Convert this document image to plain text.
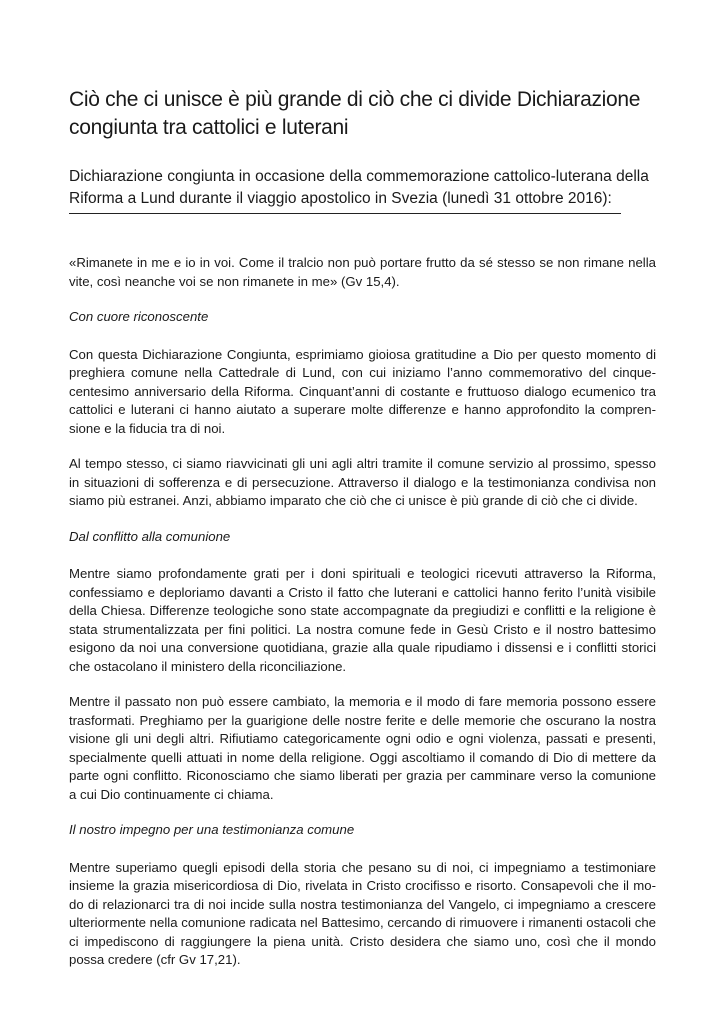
Ciò che ci unisce è più grande di ciò che ci divide Dichiarazione congiunta tra cattolici e luterani
Dichiarazione congiunta in occasione della commemorazione cattolico-luterana della Riforma a Lund durante il viaggio apostolico in Svezia (lunedì 31 ottobre 2016):

«Rimanete in me e io in voi. Come il tralcio non può portare frutto da sé stesso se non rimane nella vite, così neanche voi se non rimanete in me» (Gv 15,4).

Con cuore riconoscente

Con questa Dichiarazione Congiunta, esprimiamo gioiosa gratitudine a Dio per questo momento di preghiera comune nella Cattedrale di Lund, con cui iniziamo l’anno commemorativo del cinquecentesimo anniversario della Riforma. Cinquant’anni di costante e fruttuoso dialogo ecumenico tra cattolici e luterani ci hanno aiutato a superare molte differenze e hanno approfondito la comprensione e la fiducia tra di noi.

Al tempo stesso, ci siamo riavvicinati gli uni agli altri tramite il comune servizio al prossimo, spesso in situazioni di sofferenza e di persecuzione. Attraverso il dialogo e la testimonianza condivisa non siamo più estranei. Anzi, abbiamo imparato che ciò che ci unisce è più grande di ciò che ci divide.

Dal conflitto alla comunione

Mentre siamo profondamente grati per i doni spirituali e teologici ricevuti attraverso la Riforma, confessiamo e deploriamo davanti a Cristo il fatto che luterani e cattolici hanno ferito l’unità visibile della Chiesa. Differenze teologiche sono state accompagnate da pregiudizi e conflitti e la religione è stata strumentalizzata per fini politici. La nostra comune fede in Gesù Cristo e il nostro battesimo esigono da noi una conversione quotidiana, grazie alla quale ripudiamo i dissensi e i conflitti storici che ostacolano il ministero della riconciliazione.

Mentre il passato non può essere cambiato, la memoria e il modo di fare memoria possono essere trasformati. Preghiamo per la guarigione delle nostre ferite e delle memorie che oscurano la nostra visione gli uni degli altri. Rifiutiamo categoricamente ogni odio e ogni violenza, passati e presenti, specialmente quelli attuati in nome della religione. Oggi ascoltiamo il comando di Dio di mettere da parte ogni conflitto. Riconosciamo che siamo liberati per grazia per camminare verso la comunione a cui Dio continuamente ci chiama.

Il nostro impegno per una testimonianza comune

Mentre superiamo quegli episodi della storia che pesano su di noi, ci impegniamo a testimoniare insieme la grazia misericordiosa di Dio, rivelata in Cristo crocifisso e risorto. Consapevoli che il modo di relazionarci tra di noi incide sulla nostra testimonianza del Vangelo, ci impegniamo a crescere ulteriormente nella comunione radicata nel Battesimo, cercando di rimuovere i rimanenti ostacoli che ci impediscono di raggiungere la piena unità. Cristo desidera che siamo uno, così che il mondo possa credere (cfr Gv 17,21).
